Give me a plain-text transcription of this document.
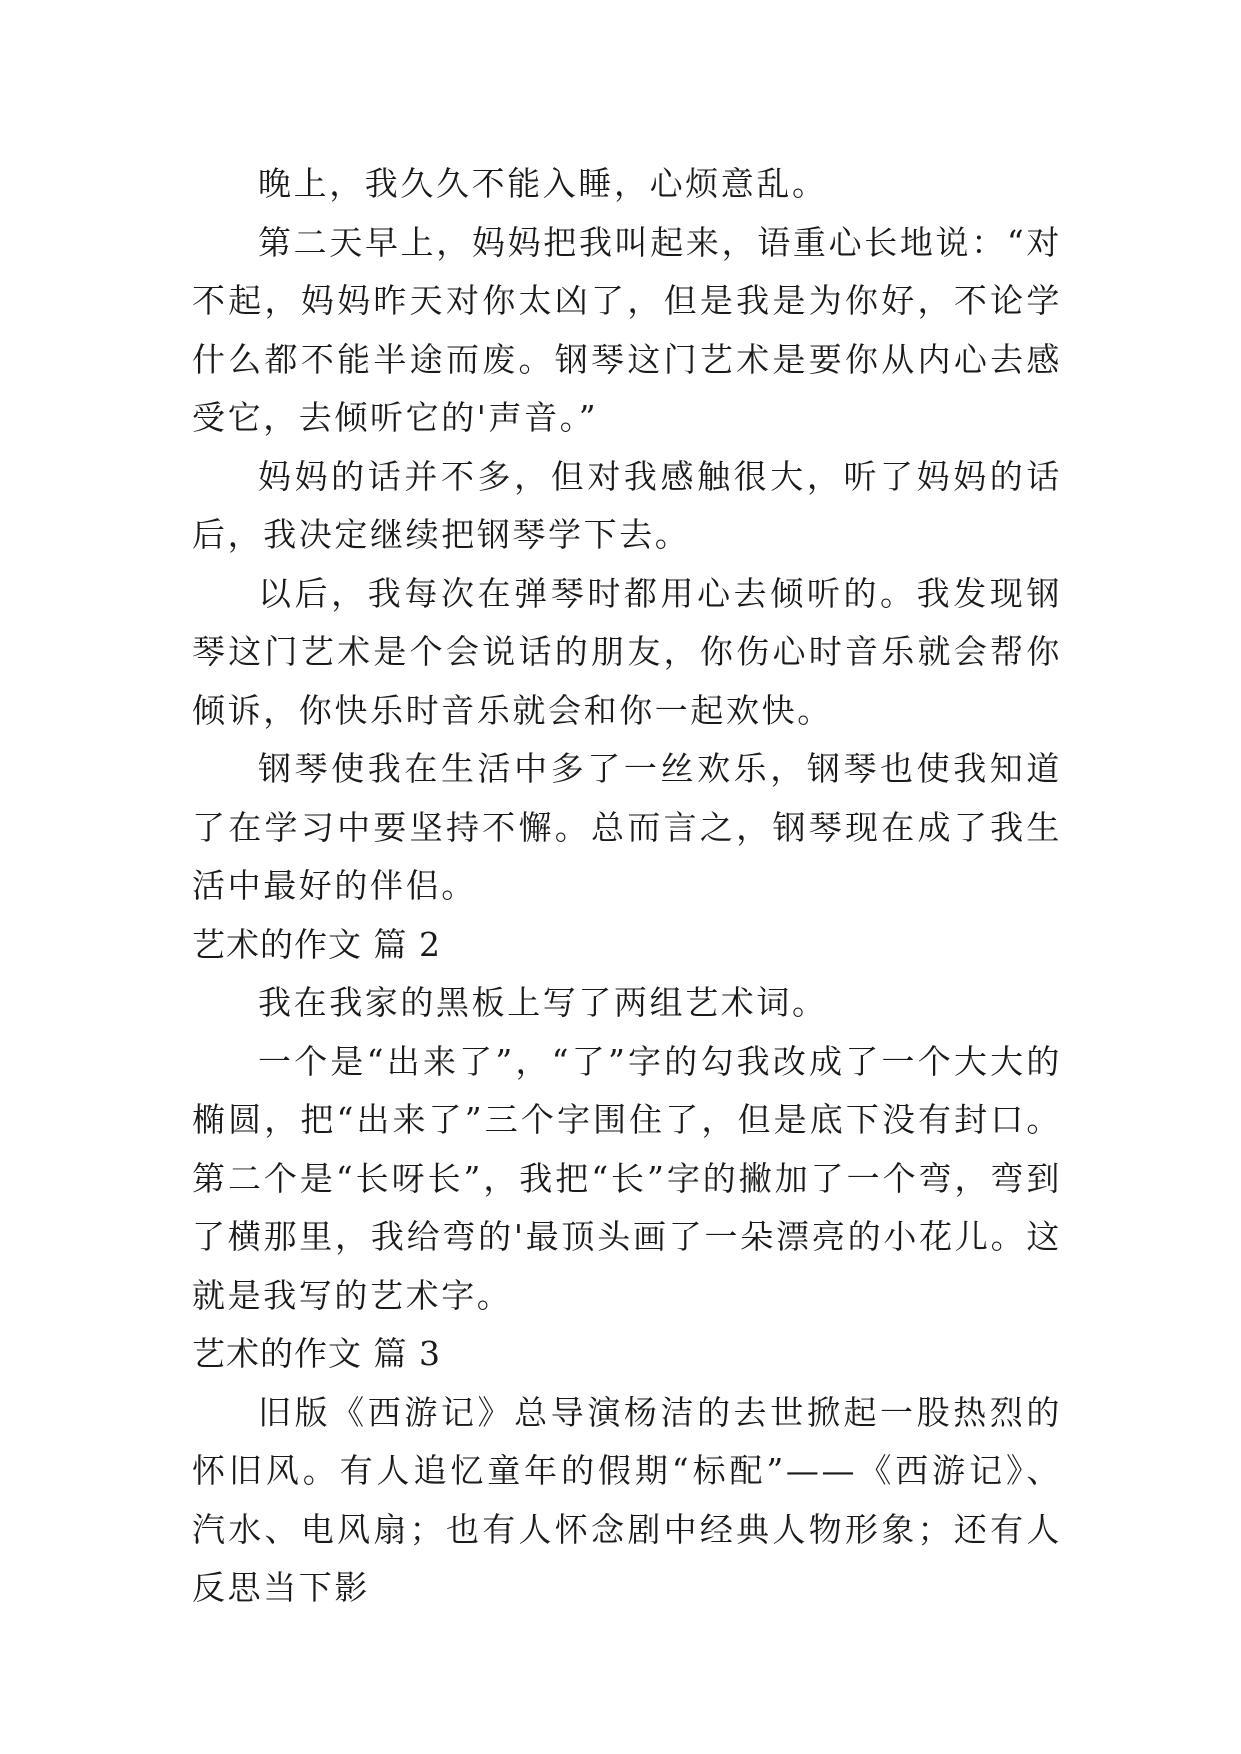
晚上，我久久不能入睡，心烦意乱。

第二天早上，妈妈把我叫起来，语重心长地说：“对不起，妈妈昨天对你太凶了，但是我是为你好，不论学什么都不能半途而废。钢琴这门艺术是要你从内心去感受它，去倾听它的'声音。”

妈妈的话并不多，但对我感触很大，听了妈妈的话后，我决定继续把钢琴学下去。

以后，我每次在弹琴时都用心去倾听的。我发现钢琴这门艺术是个会说话的朋友，你伤心时音乐就会帮你倾诉，你快乐时音乐就会和你一起欢快。

钢琴使我在生活中多了一丝欢乐，钢琴也使我知道了在学习中要坚持不懈。总而言之，钢琴现在成了我生活中最好的伴侣。

艺术的作文 篇 2

我在我家的黑板上写了两组艺术词。

一个是“出来了”，“了”字的勾我改成了一个大大的椭圆，把“出来了”三个字围住了，但是底下没有封口。第二个是“长呀长”，我把“长”字的撇加了一个弯，弯到了横那里，我给弯的'最顶头画了一朵漂亮的小花儿。这就是我写的艺术字。

艺术的作文 篇 3

旧版《西游记》总导演杨洁的去世掀起一股热烈的怀旧风。有人追忆童年的假期“标配”——《西游记》、汽水、电风扇；也有人怀念剧中经典人物形象；还有人反思当下影
